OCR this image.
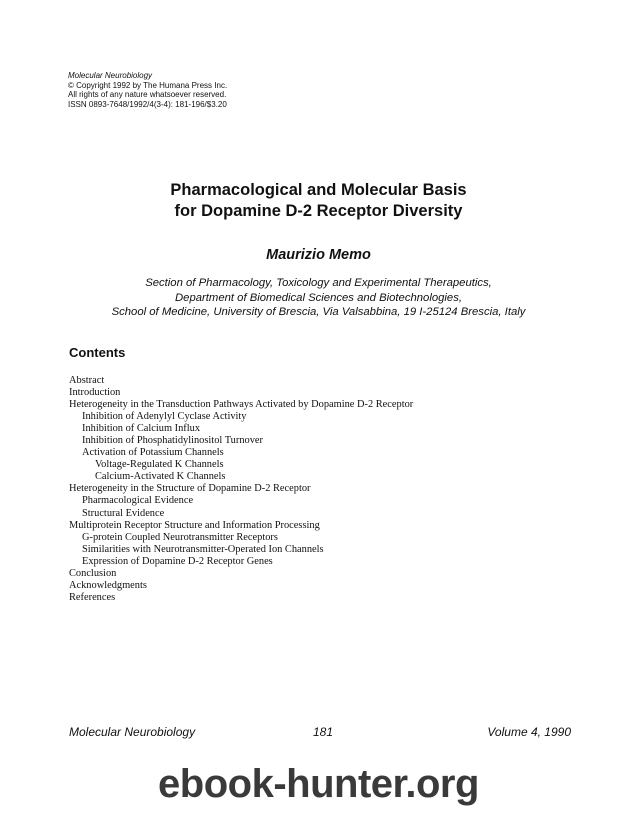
Molecular Neurobiology
© Copyright 1992 by The Humana Press Inc.
All rights of any nature whatsoever reserved.
ISSN 0893-7648/1992/4(3-4): 181-196/$3.20
Pharmacological and Molecular Basis
for Dopamine D-2 Receptor Diversity
Maurizio Memo
Section of Pharmacology, Toxicology and Experimental Therapeutics,
Department of Biomedical Sciences and Biotechnologies,
School of Medicine, University of Brescia, Via Valsabbina, 19 I-25124 Brescia, Italy
Contents
Abstract
Introduction
Heterogeneity in the Transduction Pathways Activated by Dopamine D-2 Receptor
Inhibition of Adenylyl Cyclase Activity
Inhibition of Calcium Influx
Inhibition of Phosphatidylinositol Turnover
Activation of Potassium Channels
Voltage-Regulated K Channels
Calcium-Activated K Channels
Heterogeneity in the Structure of Dopamine D-2 Receptor
Pharmacological Evidence
Structural Evidence
Multiprotein Receptor Structure and Information Processing
G-protein Coupled Neurotransmitter Receptors
Similarities with Neurotransmitter-Operated Ion Channels
Expression of Dopamine D-2 Receptor Genes
Conclusion
Acknowledgments
References
Molecular Neurobiology	181	Volume 4, 1990
ebook-hunter.org
